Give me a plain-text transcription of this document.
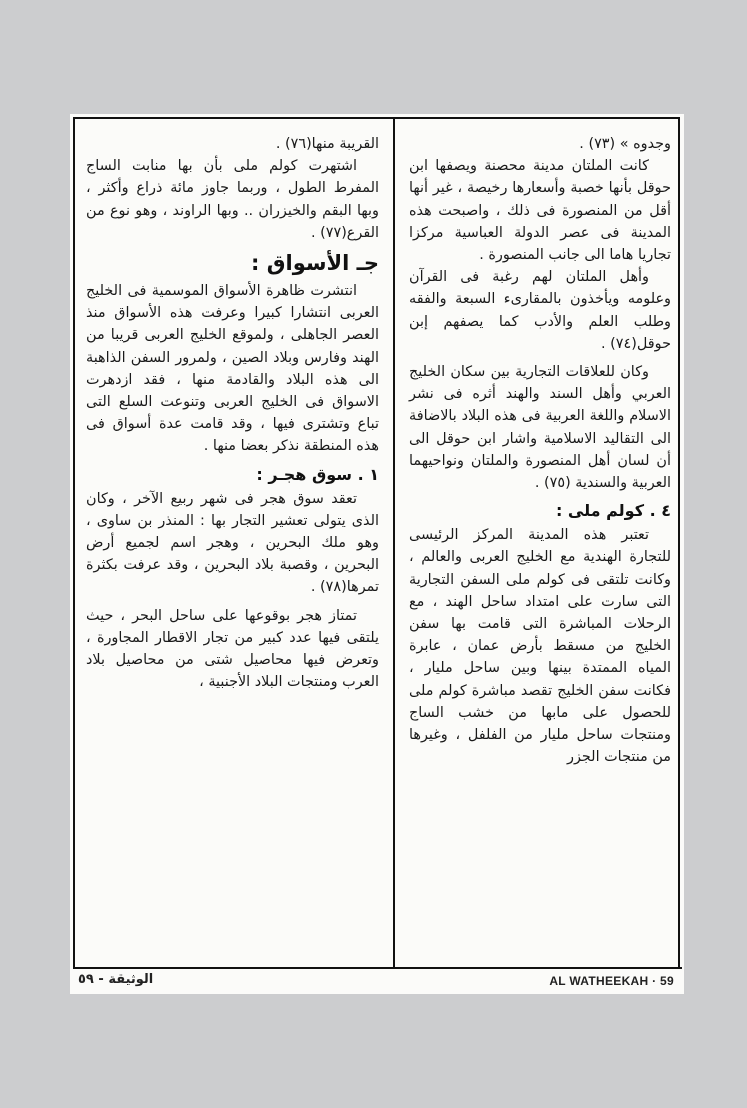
وجدوه » (٧٣) .

كانت الملتان مدينة محصنة ويصفها ابن حوقل بأنها خصبة وأسعارها رخيصة ، غير أنها أقل من المنصورة فى ذلك ، واصبحت هذه المدينة فى عصر الدولة العباسية مركزا تجاريا هاما الى جانب المنصورة .

وأهل الملتان لهم رغبة فى القرآن وعلومه ويأخذون بالمقارىء السبعة والفقه وطلب العلم والأدب كما يصفهم إبن حوقل(٧٤) .

وكان للعلاقات التجارية بين سكان الخليج العربي وأهل السند والهند أثره فى نشر الاسلام واللغة العربية فى هذه البلاد بالاضافة الى التقاليد الاسلامية واشار ابن حوقل الى أن لسان أهل المنصورة والملتان ونواحيهما العربية والسندية (٧٥) .

٤ . كولم ملى :

تعتبر هذه المدينة المركز الرئيسى للتجارة الهندية مع الخليج العربى والعالم ، وكانت تلتقى فى كولم ملى السفن التجارية التى سارت على امتداد ساحل الهند ، مع الرحلات المباشرة التى قامت بها سفن الخليج من مسقط بأرض عمان ، عابرة المياه الممتدة بينها وبين ساحل مليار ، فكانت سفن الخليج تقصد مباشرة كولم ملى للحصول على مابها من خشب الساج ومنتجات ساحل مليار من الفلفل ، وغيرها من منتجات الجزر

القريبة منها(٧٦) .

اشتهرت كولم ملى بأن بها منابت الساج المفرط الطول ، وربما جاوز مائة ذراع وأكثر ، وبها البقم والخيزران .. وبها الراوند ، وهو نوع من القرع(٧٧) .

جـ الأسواق :

انتشرت ظاهرة الأسواق الموسمية فى الخليج العربى انتشارا كبيرا وعرفت هذه الأسواق منذ العصر الجاهلى ، ولموقع الخليج العربى قريبا من الهند وفارس وبلاد الصين ، ولمرور السفن الذاهبة الى هذه البلاد والقادمة منها ، فقد ازدهرت الاسواق فى الخليج العربى وتنوعت السلع التى تباع وتشترى فيها ، وقد قامت عدة أسواق فى هذه المنطقة نذكر بعضا منها .

١ . سوق هجـر :

تعقد سوق هجر فى شهر ربيع الآخر ، وكان الذى يتولى تعشير التجار بها : المنذر بن ساوى ، وهو ملك البحرين ، وهجر اسم لجميع أرض البحرين ، وقصبة بلاد البحرين ، وقد عرفت بكثرة تمرها(٧٨) .

تمتاز هجر بوقوعها على ساحل البحر ، حيث يلتقى فيها عدد كبير من تجار الاقطار المجاورة ، وتعرض فيها محاصيل شتى من محاصيل بلاد العرب ومنتجات البلاد الأجنبية ،

الوثيقة - ٥٩	AL WATHEEKAH · 59
